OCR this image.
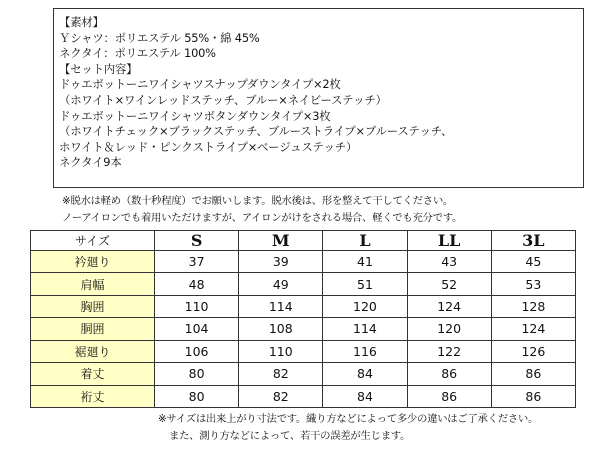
【素材】
Ｙシャツ：ポリエステル 55%・綿 45%
ネクタイ：ポリエステル 100%
【セット内容】
ドゥエボットーニワイシャツスナップダウンタイプ×2枚
（ホワイト×ワインレッドステッチ、ブルー×ネイビーステッチ）
ドゥエボットーニワイシャツボタンダウンタイプ×3枚
（ホワイトチェック×ブラックステッチ、ブルーストライプ×ブルーステッチ、
ホワイト＆レッド・ピンクストライプ×ベージュステッチ）
ネクタイ9本
※脱水は軽め（数十秒程度）でお願いします。脱水後は、形を整えて干してください。
ノーアイロンでも着用いただけますが、アイロンがけをされる場合、軽くでも充分です。
サイズ	S	M	L	LL	3L
衿廻り	37	39	41	43	45
肩幅	48	49	51	52	53
胸囲	110	114	120	124	128
胴囲	104	108	114	120	124
裾廻り	106	110	116	122	126
着丈	80	82	84	86	86
裄丈	80	82	84	86	86
※サイズは出来上がり寸法です。織り方などによって多少の違いはご了承ください。
また、測り方などによって、若干の誤差が生じます。
